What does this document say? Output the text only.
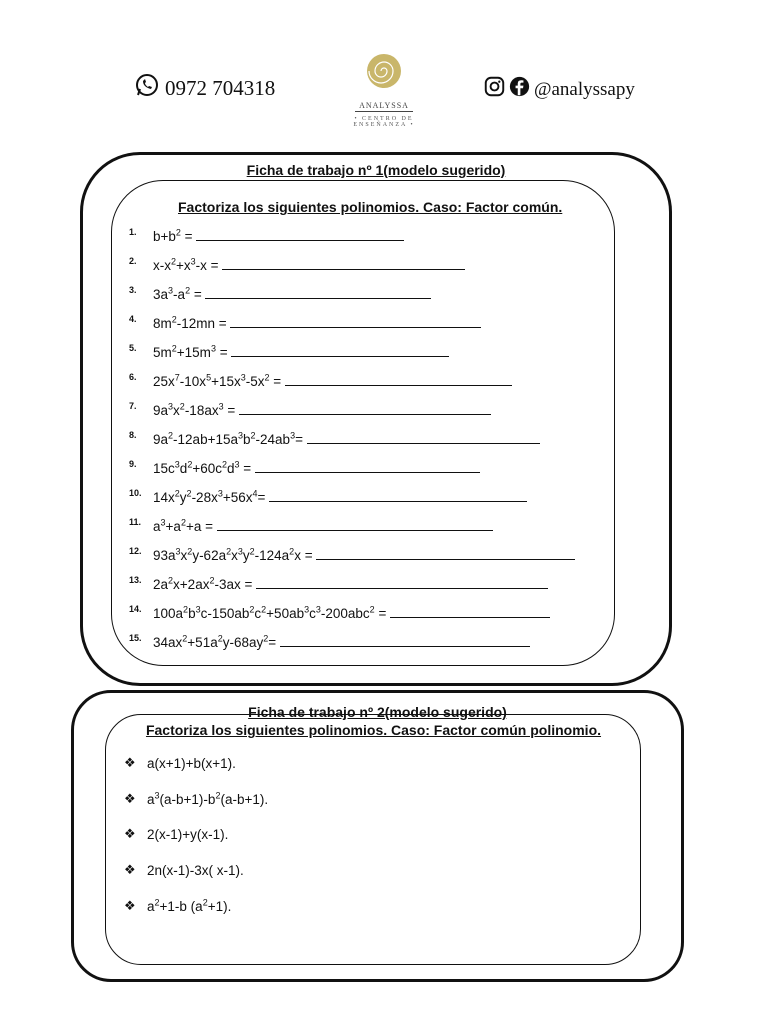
0972 704318
ANALYSSA
• CENTRO DE ENSEÑANZA •
@analyssapy
Ficha de trabajo nº 1(modelo sugerido)
Factoriza los siguientes polinomios. Caso: Factor común.
1. $b+b^2$ =
2. $x-x^2+x^3-x$ =
3. $3a^3-a^2$ =
4. $8m^2-12mn$ =
5. $5m^2+15m^3$ =
6. $25x^7-10x^5+15x^3-5x^2$ =
7. $9a^3x^2-18ax^3$ =
8. $9a^2-12ab+15a^3b^2-24ab^3=$
9. $15c^3d^2+60c^2d^3$ =
10. $14x^2y^2-28x^3+56x^4=$
11. $a^3+a^2+a$ =
12. $93a^3x^2y-62a^2x^3y^2-124a^2x$ =
13. $2a^2x+2ax^2-3ax$ =
14. $100a^2b^3c-150ab^2c^2+50ab^3c^3-200abc^2$ =
15. $34ax^2+51a^2y-68ay^2=$
Ficha de trabajo nº 2(modelo sugerido)
Factoriza los siguientes polinomios. Caso: Factor común polinomio.
❖ a(x+1)+b(x+1).
❖ $a^3(a-b+1)-b^2(a-b+1)$.
❖ 2(x-1)+y(x-1).
❖ 2n(x-1)-3x( x-1).
❖ $a^2+1-b$ $(a^2+1)$.
